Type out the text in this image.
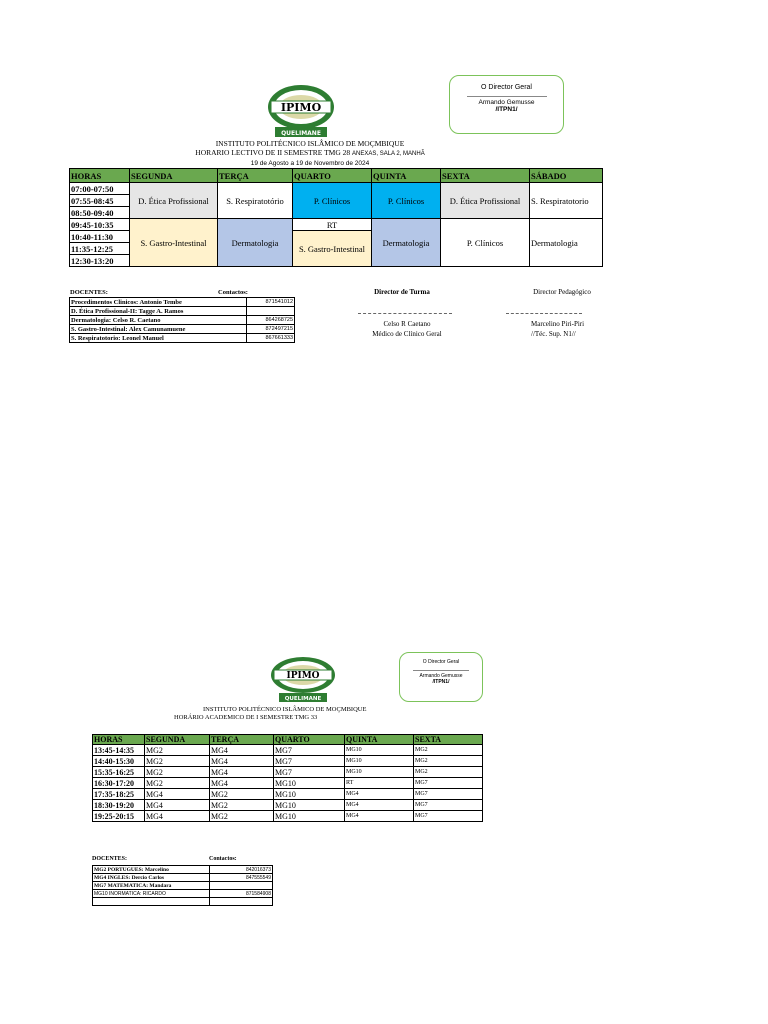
O Director Geral
Armando Gemusse
/ITPN1/
IPIMO
QUELIMANE
INSTITUTO POLITÉCNICO ISLÂMICO DE MOÇMBIQUE
HORARIO LECTIVO DE II SEMESTRE TMG 28 ANEXAS, SALA 2, MANHÃ
19 de Agosto a 19 de Novembro de 2024
HORAS	SEGUNDA	TERÇA	QUARTO	QUINTA	SEXTA	SÁBADO
07:00-07:50	D. Ética Profissional	S. Respiratotório	P. Clínicos	P. Clínicos	D. Ética Profissional	S. Respiratotorio
07:55-08:45						
08:50-09:40						
09:45-10:35	S. Gastro-Intestinal	Dermatologia	RT	Dermatologia	P. Clínicos	Dermatologia
10:40-11:30			S. Gastro-Intestinal			
11:35-12:25						
12:30-13:20						
DOCENTES:	Contactos:
Procedimentos Clinicos: Antonio Tembe	871541012
D. Ética Profissional-II: Tagge A. Ramos	
Dermatologia: Celso R. Caetano	864268725
S. Gastro-Intestinal: Alex Camunamuene	872497215
S. Respiratotorio: Leonel Manuel	867661333
Director de Turma
Celso R Caetano
Médico de Clínico Geral
Director Pedagógico
Marcelino Piri-Piri
//Téc. Sup. N1//
O Director Geral
Armando Gemusse
/ITPN1/
IPIMO
QUELIMANE
INSTITUTO POLITÉCNICO ISLÂMICO DE MOÇMBIQUE
HORÁRIO ACADEMICO DE I SEMESTRE TMG 33
HORAS	SEGUNDA	TERÇA	QUARTO	QUINTA	SEXTA
13:45-14:35	MG2	MG4	MG7	MG10	MG2
14:40-15:30	MG2	MG4	MG7	MG10	MG2
15:35-16:25	MG2	MG4	MG7	MG10	MG2
16:30-17:20	MG2	MG4	MG10	RT	MG7
17:35-18:25	MG4	MG2	MG10	MG4	MG7
18:30-19:20	MG4	MG2	MG10	MG4	MG7
19:25-20:15	MG4	MG2	MG10	MG4	MG7
DOCENTES:	Contactos:
MG2 PORTUGUES: Marcelino	842016373
MG4 INGLES: Dercio Carlos	847555549
MG7 MATEMATICA: Mandara	
MG10 INORMATICA: RICARDO	871584908
